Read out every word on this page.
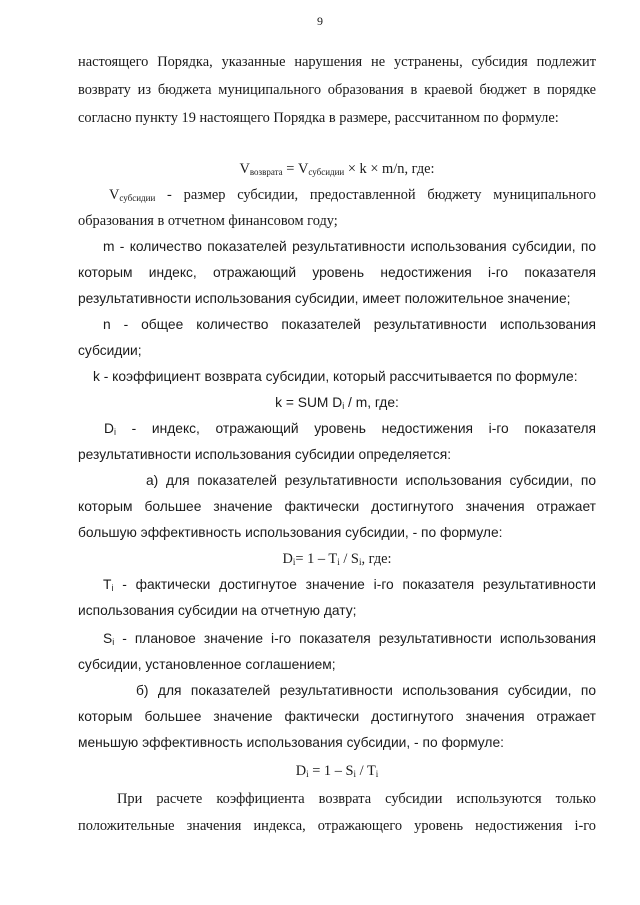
9
настоящего Порядка, указанные нарушения не устранены, субсидия подлежит
возврату из бюджета муниципального образования в краевой бюджет в порядке
согласно пункту 19 настоящего Порядка в размере, рассчитанном по формуле:
$V_{возврата} = V_{субсидии} \times k \times m/n$, где:
$V_{субсидии}$ - размер субсидии, предоставленной бюджету муниципального
образования в отчетном финансовом году;
m - количество показателей результативности использования субсидии, по
которым индекс, отражающий уровень недостижения i-го показателя
результативности использования субсидии, имеет положительное значение;
n - общее количество показателей результативности использования
субсидии;
k - коэффициент возврата субсидии, который рассчитывается по формуле:
k = SUM $D_i$ / m, где:
$D_i$ - индекс, отражающий уровень недостижения i-го показателя
результативности использования субсидии определяется:
а) для показателей результативности использования субсидии, по
которым большее значение фактически достигнутого значения отражает
большую эффективность использования субсидии, - по формуле:
$D_i= 1 - T_i / S_i$, где:
$T_i$ - фактически достигнутое значение i-го показателя результативности
использования субсидии на отчетную дату;
$S_i$ - плановое значение i-го показателя результативности использования
субсидии, установленное соглашением;
б) для показателей результативности использования субсидии, по
которым большее значение фактически достигнутого значения отражает
меньшую эффективность использования субсидии, - по формуле:
$D_i = 1 - S_i / T_i$
При расчете коэффициента возврата субсидии используются только
положительные значения индекса, отражающего уровень недостижения i-го
